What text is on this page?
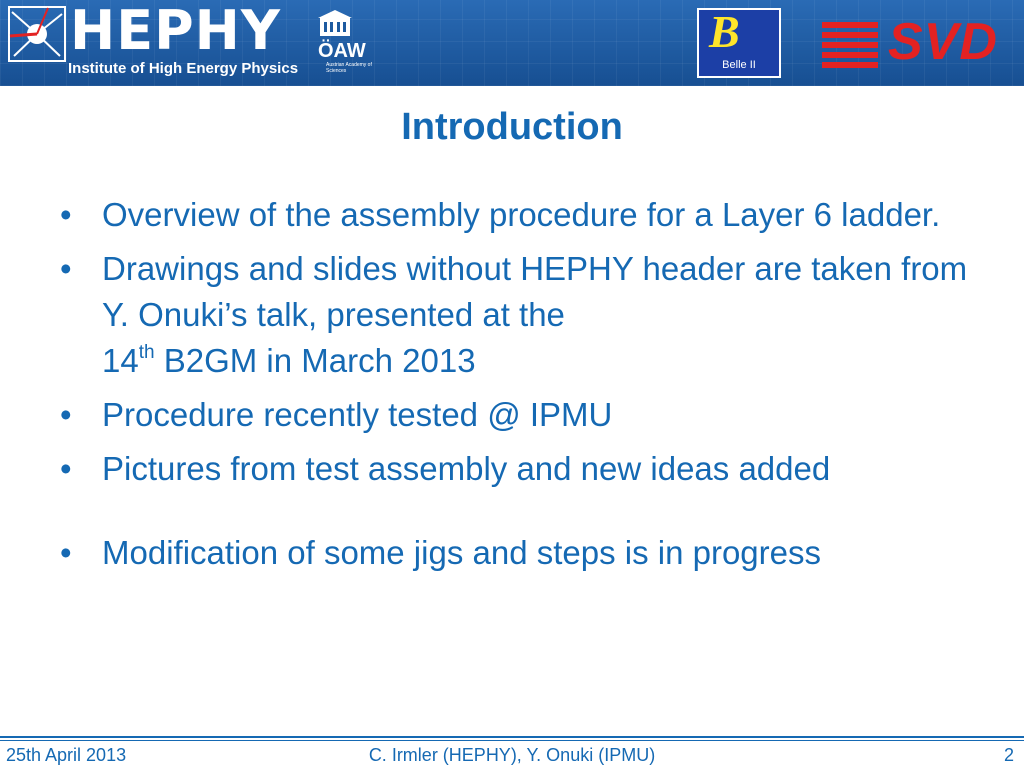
HEPHY
Institute of High Energy Physics
ÖAW
Austrian Academy of Sciences
B
Belle II	SVD
Introduction
• Overview of the assembly procedure for a Layer 6 ladder.
• Drawings and slides without HEPHY header are taken from Y. Onuki’s talk, presented at the
14th B2GM in March 2013
• Procedure recently tested @ IPMU
• Pictures from test assembly and new ideas added
• Modification of some jigs and steps is in progress
25th April 2013	C. Irmler (HEPHY), Y. Onuki (IPMU)	2
